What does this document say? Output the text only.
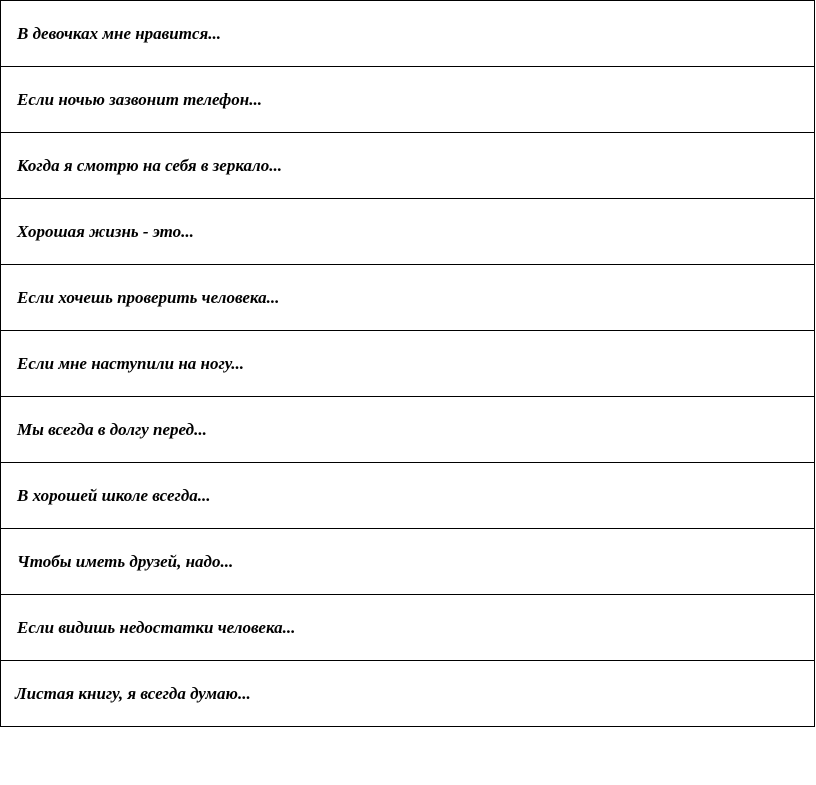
В девочках мне нравится...
Если ночью зазвонит телефон...
Когда я смотрю на себя в зеркало...
Хорошая жизнь - это...
Если хочешь проверить человека...
Если мне наступили на ногу...
Мы всегда в долгу перед...
В хорошей школе всегда...
Чтобы иметь друзей, надо...
Если видишь недостатки человека...
Листая книгу, я всегда думаю...
